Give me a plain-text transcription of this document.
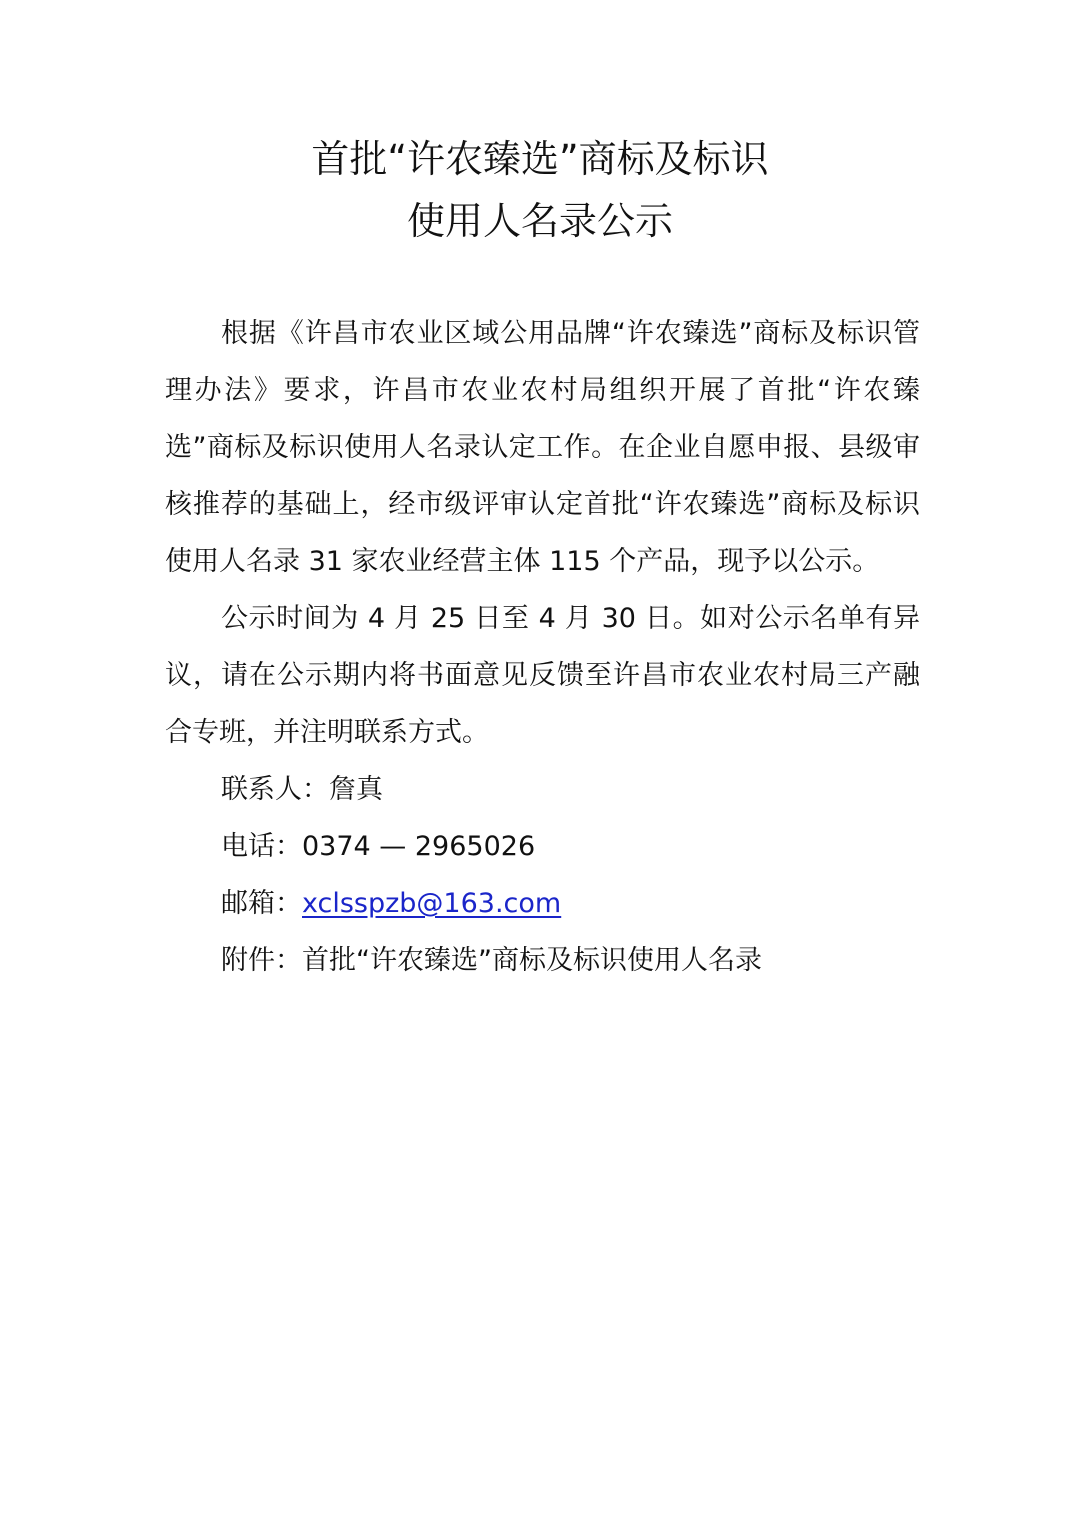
首批“许农臻选”商标及标识
使用人名录公示

根据《许昌市农业区域公用品牌“许农臻选”商标及标识管理办法》要求，许昌市农业农村局组织开展了首批“许农臻选”商标及标识使用人名录认定工作。在企业自愿申报、县级审核推荐的基础上，经市级评审认定首批“许农臻选”商标及标识使用人名录 31 家农业经营主体 115 个产品，现予以公示。

公示时间为 4 月 25 日至 4 月 30 日。如对公示名单有异议，请在公示期内将书面意见反馈至许昌市农业农村局三产融合专班，并注明联系方式。

联系人：詹真

电话：0374 — 2965026

邮箱：xclsspzb@163.com

附件：首批“许农臻选”商标及标识使用人名录
